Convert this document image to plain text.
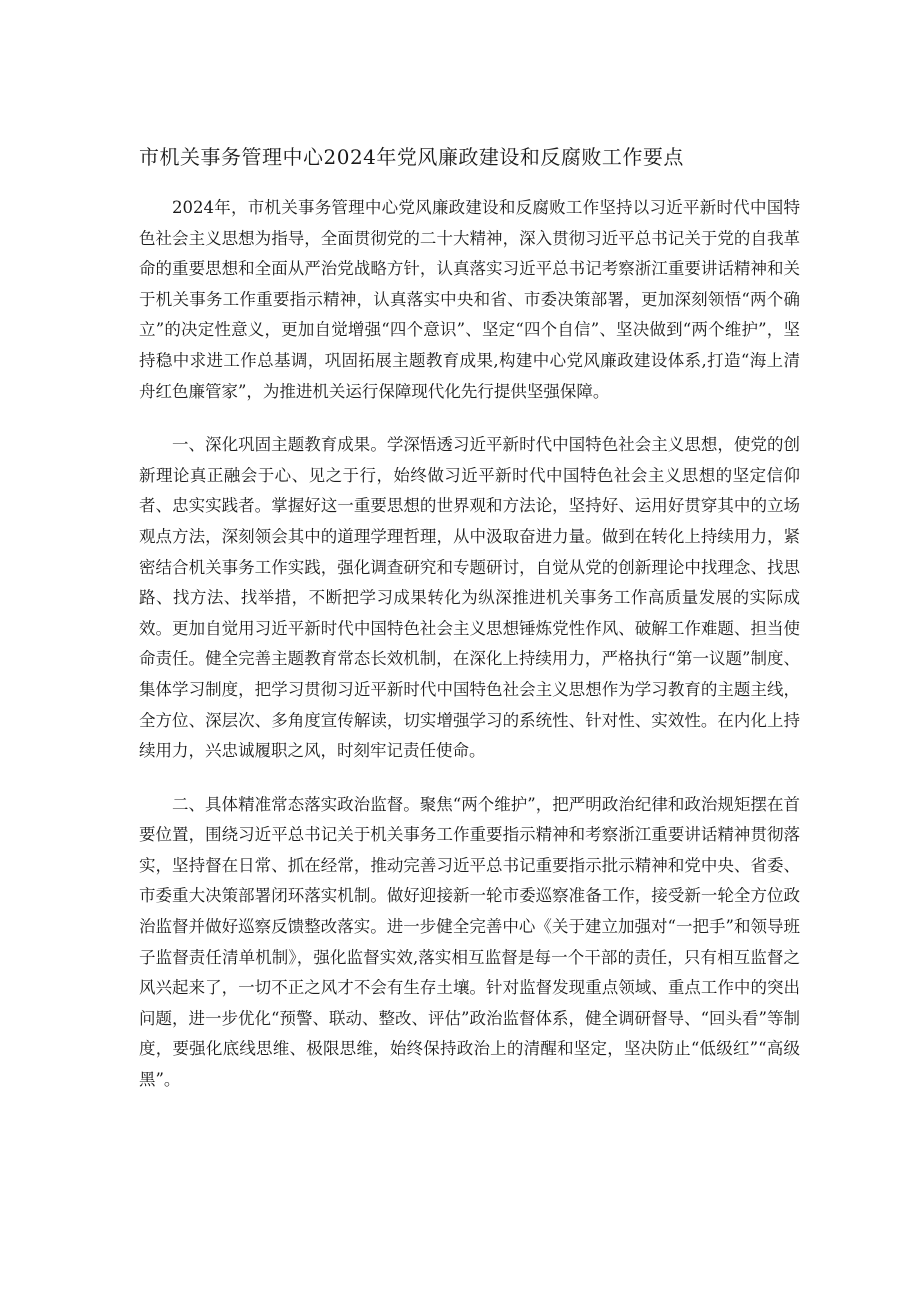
市机关事务管理中心2024年党风廉政建设和反腐败工作要点

2024年，市机关事务管理中心党风廉政建设和反腐败工作坚持以习近平新时代中国特色社会主义思想为指导，全面贯彻党的二十大精神，深入贯彻习近平总书记关于党的自我革命的重要思想和全面从严治党战略方针，认真落实习近平总书记考察浙江重要讲话精神和关于机关事务工作重要指示精神，认真落实中央和省、市委决策部署，更加深刻领悟“两个确立”的决定性意义，更加自觉增强“四个意识”、坚定“四个自信”、坚决做到“两个维护”，坚持稳中求进工作总基调，巩固拓展主题教育成果,构建中心党风廉政建设体系,打造“海上清舟红色廉管家”，为推进机关运行保障现代化先行提供坚强保障。

一、深化巩固主题教育成果。学深悟透习近平新时代中国特色社会主义思想，使党的创新理论真正融会于心、见之于行，始终做习近平新时代中国特色社会主义思想的坚定信仰者、忠实实践者。掌握好这一重要思想的世界观和方法论，坚持好、运用好贯穿其中的立场观点方法，深刻领会其中的道理学理哲理，从中汲取奋进力量。做到在转化上持续用力，紧密结合机关事务工作实践，强化调查研究和专题研讨，自觉从党的创新理论中找理念、找思路、找方法、找举措，不断把学习成果转化为纵深推进机关事务工作高质量发展的实际成效。更加自觉用习近平新时代中国特色社会主义思想锤炼党性作风、破解工作难题、担当使命责任。健全完善主题教育常态长效机制，在深化上持续用力，严格执行“第一议题”制度、集体学习制度，把学习贯彻习近平新时代中国特色社会主义思想作为学习教育的主题主线，全方位、深层次、多角度宣传解读，切实增强学习的系统性、针对性、实效性。在内化上持续用力，兴忠诚履职之风，时刻牢记责任使命。

二、具体精准常态落实政治监督。聚焦“两个维护”，把严明政治纪律和政治规矩摆在首要位置，围绕习近平总书记关于机关事务工作重要指示精神和考察浙江重要讲话精神贯彻落实，坚持督在日常、抓在经常，推动完善习近平总书记重要指示批示精神和党中央、省委、市委重大决策部署闭环落实机制。做好迎接新一轮市委巡察准备工作，接受新一轮全方位政治监督并做好巡察反馈整改落实。进一步健全完善中心《关于建立加强对“一把手”和领导班子监督责任清单机制》，强化监督实效,落实相互监督是每一个干部的责任，只有相互监督之风兴起来了，一切不正之风才不会有生存土壤。针对监督发现重点领域、重点工作中的突出问题，进一步优化“预警、联动、整改、评估”政治监督体系，健全调研督导、“回头看”等制度，要强化底线思维、极限思维，始终保持政治上的清醒和坚定，坚决防止“低级红”“高级黑”。
